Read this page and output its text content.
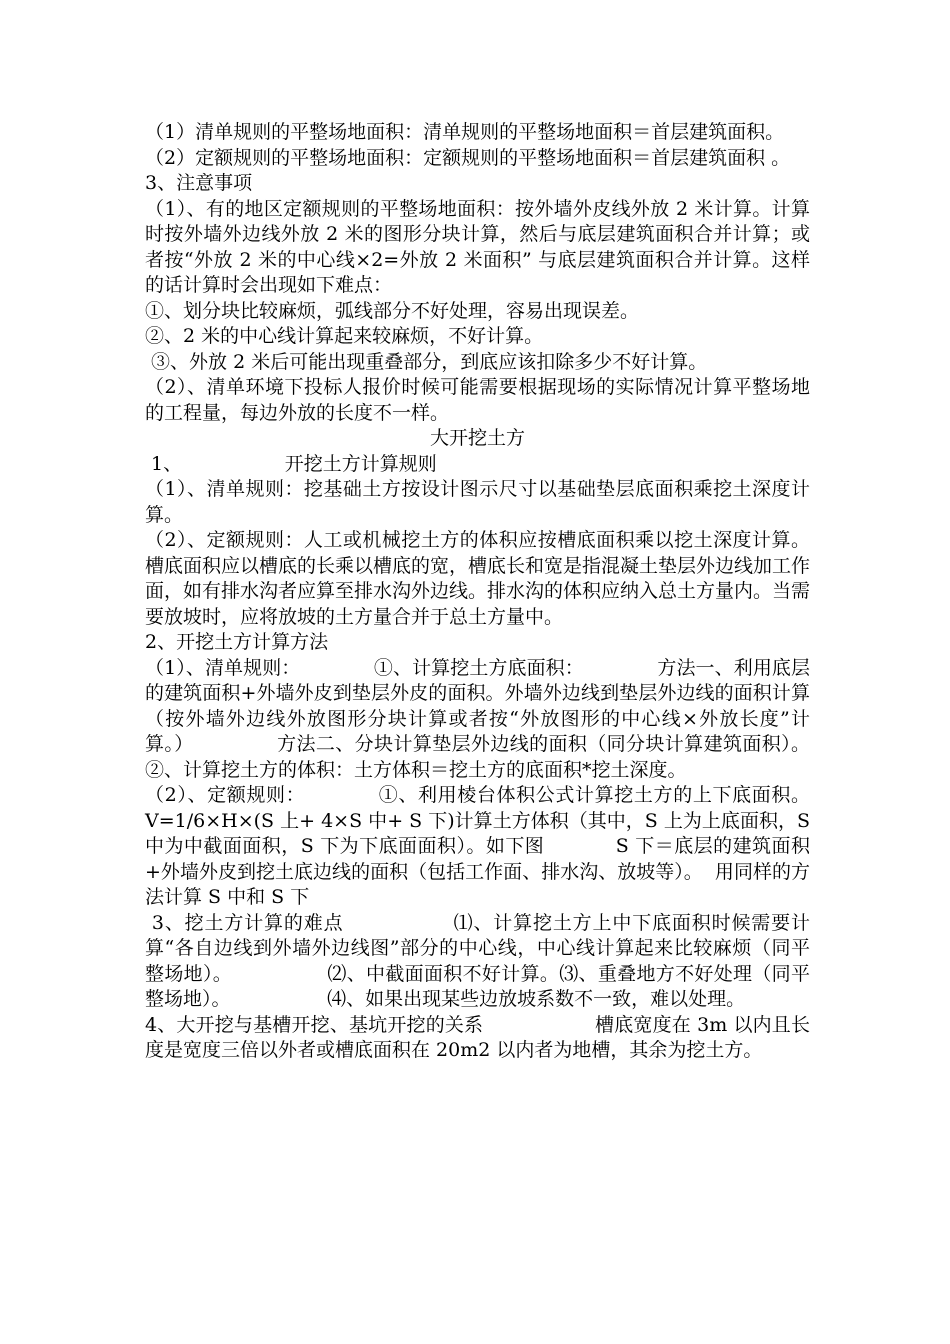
（1）清单规则的平整场地面积：清单规则的平整场地面积＝首层建筑面积。

（2）定额规则的平整场地面积：定额规则的平整场地面积＝首层建筑面积 。

3、注意事项

（1）、有的地区定额规则的平整场地面积：按外墙外皮线外放 2 米计算。计算时按外墙外边线外放 2 米的图形分块计算，然后与底层建筑面积合并计算；或者按“外放 2 米的中心线×2=外放 2 米面积” 与底层建筑面积合并计算。这样的话计算时会出现如下难点：

①、划分块比较麻烦，弧线部分不好处理，容易出现误差。

②、2 米的中心线计算起来较麻烦，不好计算。

③、外放 2 米后可能出现重叠部分，到底应该扣除多少不好计算。

（2）、清单环境下投标人报价时候可能需要根据现场的实际情况计算平整场地的工程量，每边外放的长度不一样。

大开挖土方

1、                 开挖土方计算规则

（1）、清单规则：挖基础土方按设计图示尺寸以基础垫层底面积乘挖土深度计算。

（2）、定额规则：人工或机械挖土方的体积应按槽底面积乘以挖土深度计算。槽底面积应以槽底的长乘以槽底的宽，槽底长和宽是指混凝土垫层外边线加工作面，如有排水沟者应算至排水沟外边线。排水沟的体积应纳入总土方量内。当需要放坡时，应将放坡的土方量合并于总土方量中。

2、开挖土方计算方法

（1）、清单规则：            ①、计算挖土方底面积：            方法一、利用底层的建筑面积+外墙外皮到垫层外皮的面积。外墙外边线到垫层外边线的面积计算（按外墙外边线外放图形分块计算或者按“外放图形的中心线×外放长度”计算。）             方法二、分块计算垫层外边线的面积（同分块计算建筑面积）。          ②、计算挖土方的体积：土方体积＝挖土方的底面积*挖土深度。

（2）、定额规则：           ①、利用棱台体积公式计算挖土方的上下底面积。        V=1/6×H×(S 上+ 4×S 中+ S 下)计算土方体积（其中，S 上为上底面积，S 中为中截面面积，S 下为下底面面积）。如下图           S 下＝底层的建筑面积+外墙外皮到挖土底边线的面积（包括工作面、排水沟、放坡等）。  用同样的方法计算 S 中和 S 下

3、挖土方计算的难点                ⑴、计算挖土方上中下底面积时候需要计算“各自边线到外墙外边线图”部分的中心线，中心线计算起来比较麻烦（同平整场地）。               ⑵、中截面面积不好计算。⑶、重叠地方不好处理（同平整场地）。                ⑷、如果出现某些边放坡系数不一致，难以处理。

4、大开挖与基槽开挖、基坑开挖的关系                  槽底宽度在 3m 以内且长度是宽度三倍以外者或槽底面积在 20m2 以内者为地槽，其余为挖土方。
